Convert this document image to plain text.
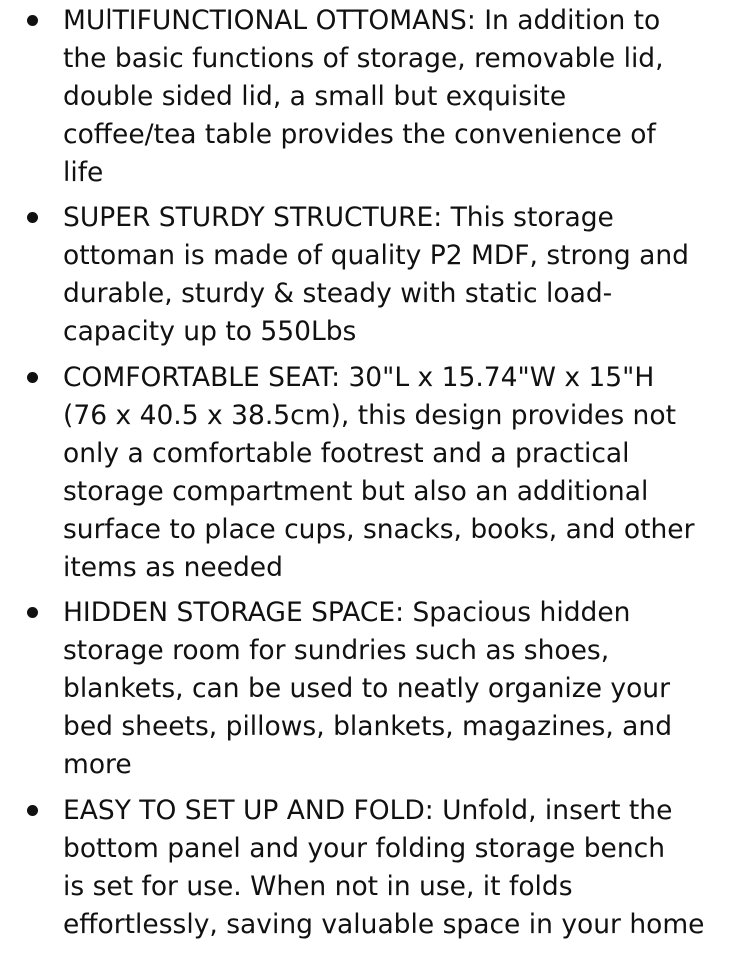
MUlTIFUNCTIONAL OTTOMANS: In addition to
the basic functions of storage, removable lid,
double sided lid, a small but exquisite
coffee/tea table provides the convenience of
life
SUPER STURDY STRUCTURE: This storage
ottoman is made of quality P2 MDF, strong and
durable, sturdy & steady with static load-
capacity up to 550Lbs
COMFORTABLE SEAT: 30"L x 15.74"W x 15"H
(76 x 40.5 x 38.5cm), this design provides not
only a comfortable footrest and a practical
storage compartment but also an additional
surface to place cups, snacks, books, and other
items as needed
HIDDEN STORAGE SPACE: Spacious hidden
storage room for sundries such as shoes,
blankets, can be used to neatly organize your
bed sheets, pillows, blankets, magazines, and
more
EASY TO SET UP AND FOLD: Unfold, insert the
bottom panel and your folding storage bench
is set for use. When not in use, it folds
effortlessly, saving valuable space in your home
